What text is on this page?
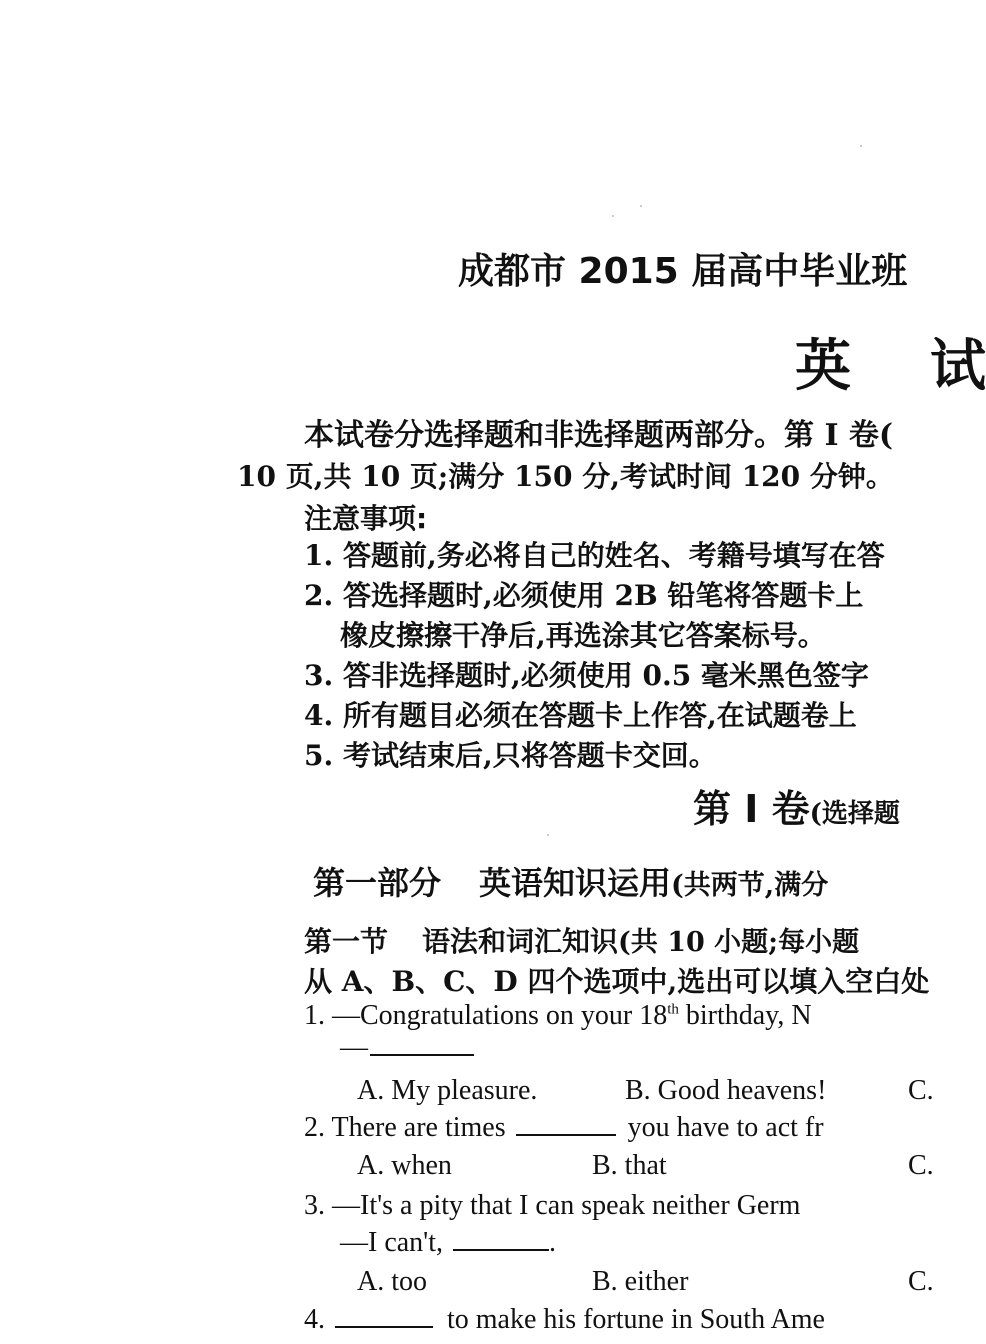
成都市 2015 届高中毕业班
英 试
本试卷分选择题和非选择题两部分。第 I 卷(
10 页,共 10 页;满分 150 分,考试时间 120 分钟。
注意事项:
1. 答题前,务必将自己的姓名、考籍号填写在答
2. 答选择题时,必须使用 2B 铅笔将答题卡上
橡皮擦擦干净后,再选涂其它答案标号。
3. 答非选择题时,必须使用 0.5 毫米黑色签字
4. 所有题目必须在答题卡上作答,在试题卷上
5. 考试结束后,只将答题卡交回。
第 I 卷(选择题
第一部分 英语知识运用(共两节,满分
第一节 语法和词汇知识(共 10 小题;每小题
从 A、B、C、D 四个选项中,选出可以填入空白处
1. —Congratulations on your 18th birthday, N
—
A. My pleasure.	B. Good heavens!	C.
2. There are times	you have to act fr
A. when	B. that	C.
3. —It's a pity that I can speak neither Germ
—I can't,	.
A. too	B. either	C.
4.	to make his fortune in South Ame
